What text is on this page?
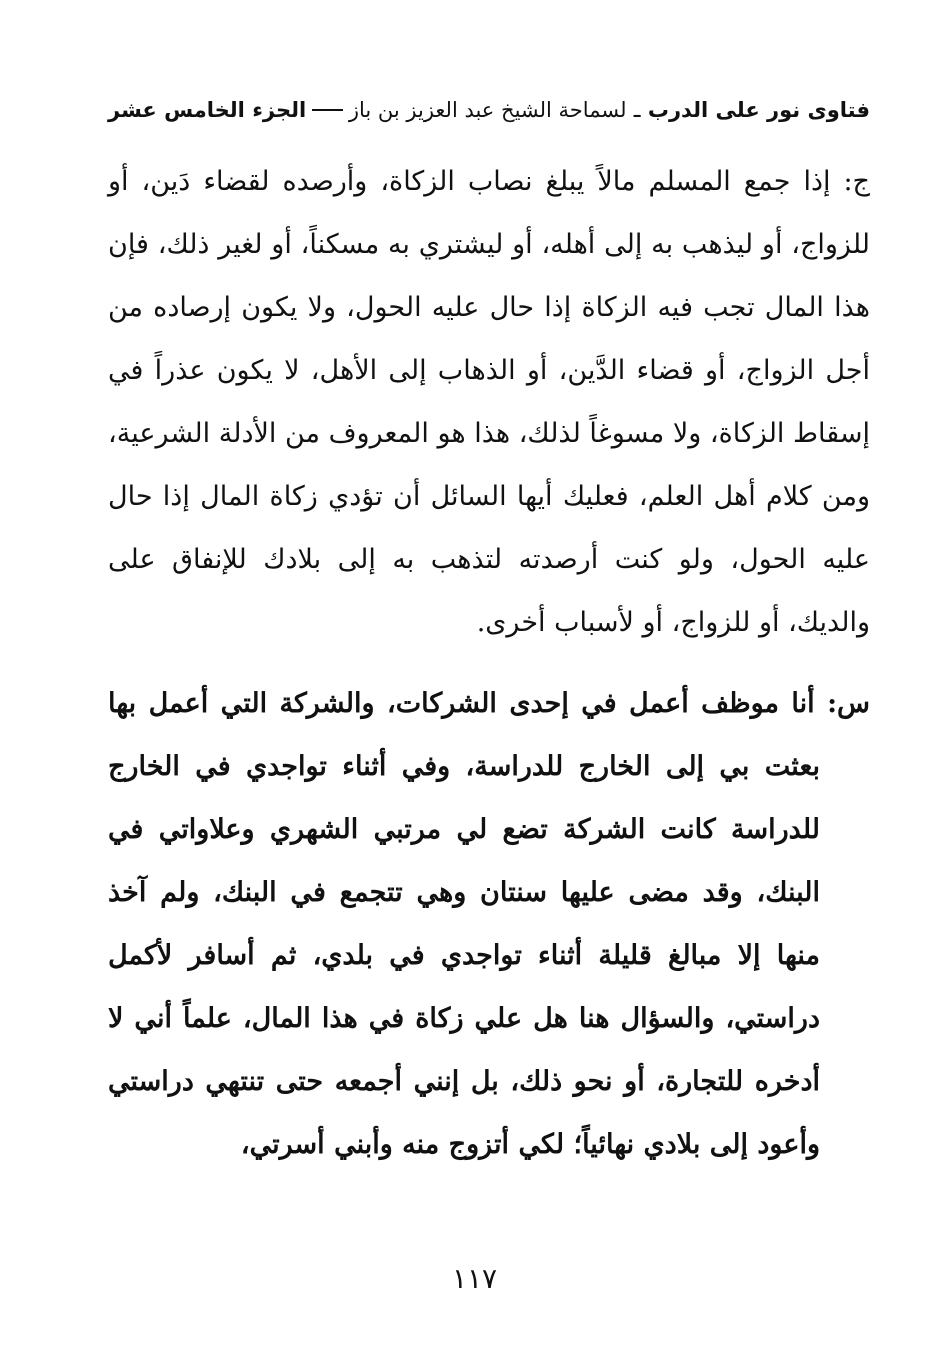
فتاوى نور على الدرب
ـ
لسماحة الشيخ عبد العزيز بن باز
الجزء الخامس عشر

ج: إذا جمع المسلم مالاً يبلغ نصاب الزكاة، وأرصده لقضاء دَين، أو للزواج، أو ليذهب به إلى أهله، أو ليشتري به مسكناً، أو لغير ذلك، فإن هذا المال تجب فيه الزكاة إذا حال عليه الحول، ولا يكون إرصاده من أجل الزواج، أو قضاء الدَّين، أو الذهاب إلى الأهل، لا يكون عذراً في إسقاط الزكاة، ولا مسوغاً لذلك، هذا هو المعروف من الأدلة الشرعية، ومن كلام أهل العلم، فعليك أيها السائل أن تؤدي زكاة المال إذا حال عليه الحول، ولو كنت أرصدته لتذهب به إلى بلادك للإنفاق على والديك، أو للزواج، أو لأسباب أخرى.

س: أنا موظف أعمل في إحدى الشركات، والشركة التي أعمل بها بعثت بي إلى الخارج للدراسة، وفي أثناء تواجدي في الخارج للدراسة كانت الشركة تضع لي مرتبي الشهري وعلاواتي في البنك، وقد مضى عليها سنتان وهي تتجمع في البنك، ولم آخذ منها إلا مبالغ قليلة أثناء تواجدي في بلدي، ثم أسافر لأكمل دراستي، والسؤال هنا هل علي زكاة في هذا المال، علماً أني لا أدخره للتجارة، أو نحو ذلك، بل إنني أجمعه حتى تنتهي دراستي وأعود إلى بلادي نهائياً؛ لكي أتزوج منه وأبني أسرتي،

١١٧
